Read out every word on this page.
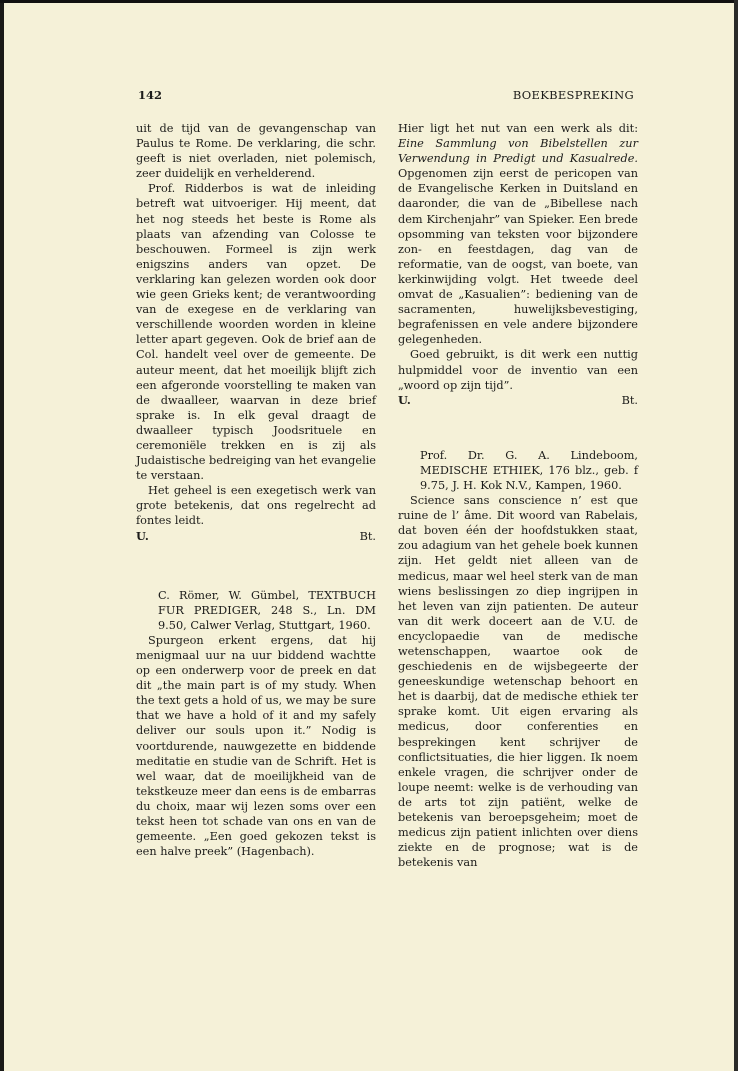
142	BOEKBESPREKING

uit de tijd van de gevangenschap van Paulus te Rome. De verklaring, die schr. geeft is niet overladen, niet polemisch, zeer duidelijk en verhelderend.

Prof. Ridderbos is wat de inleiding betreft wat uitvoeriger. Hij meent, dat het nog steeds het beste is Rome als plaats van afzending van Colosse te beschouwen. Formeel is zijn werk enigszins anders van opzet. De verklaring kan gelezen worden ook door wie geen Grieks kent; de verantwoording van de exegese en de verklaring van verschillende woorden worden in kleine letter apart gegeven. Ook de brief aan de Col. handelt veel over de gemeente. De auteur meent, dat het moeilijk blijft zich een afgeronde voorstelling te maken van de dwaalleer, waarvan in deze brief sprake is. In elk geval draagt de dwaalleer typisch Joodsrituele en ceremoniële trekken en is zij als Judaistische bedreiging van het evangelie te verstaan.

Het geheel is een exegetisch werk van grote betekenis, dat ons regelrecht ad fontes leidt.

U.	Bt.

C. Römer, W. Gümbel, TEXTBUCH FUR PREDIGER, 248 S., Ln. DM 9.50, Calwer Verlag, Stuttgart, 1960.

Spurgeon erkent ergens, dat hij menigmaal uur na uur biddend wachtte op een onderwerp voor de preek en dat dit „the main part is of my study. When the text gets a hold of us, we may be sure that we have a hold of it and my safely deliver our souls upon it.” Nodig is voortdurende, nauwgezette en biddende meditatie en studie van de Schrift. Het is wel waar, dat de moeilijkheid van de tekstkeuze meer dan eens is de embarras du choix, maar wij lezen soms over een tekst heen tot schade van ons en van de gemeente. „Een goed gekozen tekst is een halve preek” (Hagenbach).

Hier ligt het nut van een werk als dit: Eine Sammlung von Bibelstellen zur Verwendung in Predigt und Kasualrede. Opgenomen zijn eerst de pericopen van de Evangelische Kerken in Duitsland en daaronder, die van de „Bibellese nach dem Kirchenjahr” van Spieker. Een brede opsomming van teksten voor bijzondere zon- en feestdagen, dag van de reformatie, van de oogst, van boete, van kerkinwijding volgt. Het tweede deel omvat de „Kasualien”: bediening van de sacramenten, huwelijksbevestiging, begrafenissen en vele andere bijzondere gelegenheden.

Goed gebruikt, is dit werk een nuttig hulpmiddel voor de inventio van een „woord op zijn tijd”.

U.	Bt.

Prof. Dr. G. A. Lindeboom, MEDISCHE ETHIEK, 176 blz., geb. f 9.75, J. H. Kok N.V., Kampen, 1960.

Science sans conscience n’ est que ruine de l’ âme. Dit woord van Rabelais, dat boven één der hoofdstukken staat, zou adagium van het gehele boek kunnen zijn. Het geldt niet alleen van de medicus, maar wel heel sterk van de man wiens beslissingen zo diep ingrijpen in het leven van zijn patienten. De auteur van dit werk doceert aan de V.U. de encyclopaedie van de medische wetenschappen, waartoe ook de geschiedenis en de wijsbegeerte der geneeskundige wetenschap behoort en het is daarbij, dat de medische ethiek ter sprake komt. Uit eigen ervaring als medicus, door conferenties en besprekingen kent schrijver de conflictsituaties, die hier liggen. Ik noem enkele vragen, die schrijver onder de loupe neemt: welke is de verhouding van de arts tot zijn patiënt, welke de betekenis van beroepsgeheim; moet de medicus zijn patient inlichten over diens ziekte en de prognose; wat is de betekenis van
